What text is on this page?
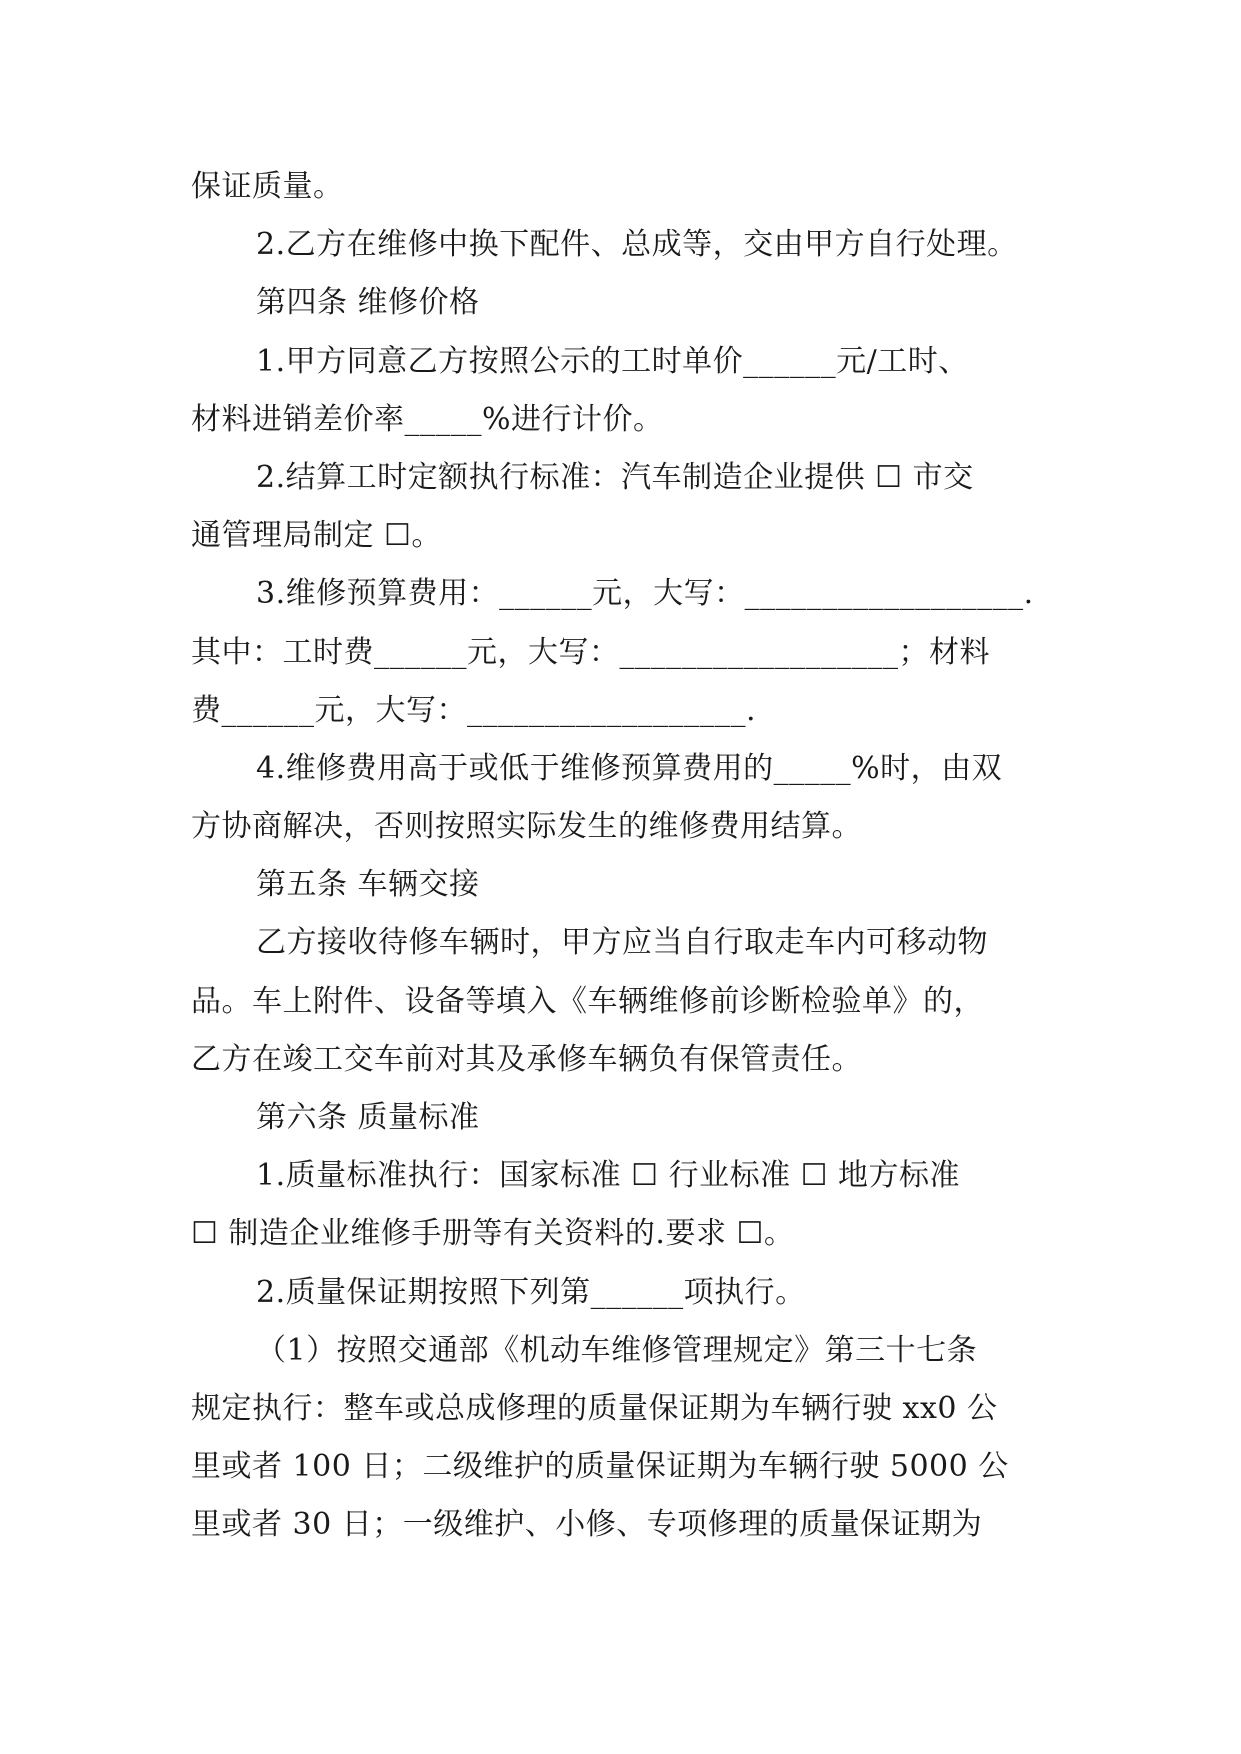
保证质量。
2.乙方在维修中换下配件、总成等，交由甲方自行处理。
第四条 维修价格
1.甲方同意乙方按照公示的工时单价______元/工时、
材料进销差价率_____%进行计价。
2.结算工时定额执行标准：汽车制造企业提供 ☐ 市交
通管理局制定 ☐。
3.维修预算费用：______元，大写：__________________.
其中：工时费______元，大写：__________________；材料
费______元，大写：__________________.
4.维修费用高于或低于维修预算费用的_____%时，由双
方协商解决，否则按照实际发生的维修费用结算。
第五条 车辆交接
乙方接收待修车辆时，甲方应当自行取走车内可移动物
品。车上附件、设备等填入《车辆维修前诊断检验单》的，
乙方在竣工交车前对其及承修车辆负有保管责任。
第六条 质量标准
1.质量标准执行：国家标准 ☐ 行业标准 ☐ 地方标准
☐ 制造企业维修手册等有关资料的.要求 ☐。
2.质量保证期按照下列第______项执行。
（1）按照交通部《机动车维修管理规定》第三十七条
规定执行：整车或总成修理的质量保证期为车辆行驶 xx0 公
里或者 100 日；二级维护的质量保证期为车辆行驶 5000 公
里或者 30 日；一级维护、小修、专项修理的质量保证期为
